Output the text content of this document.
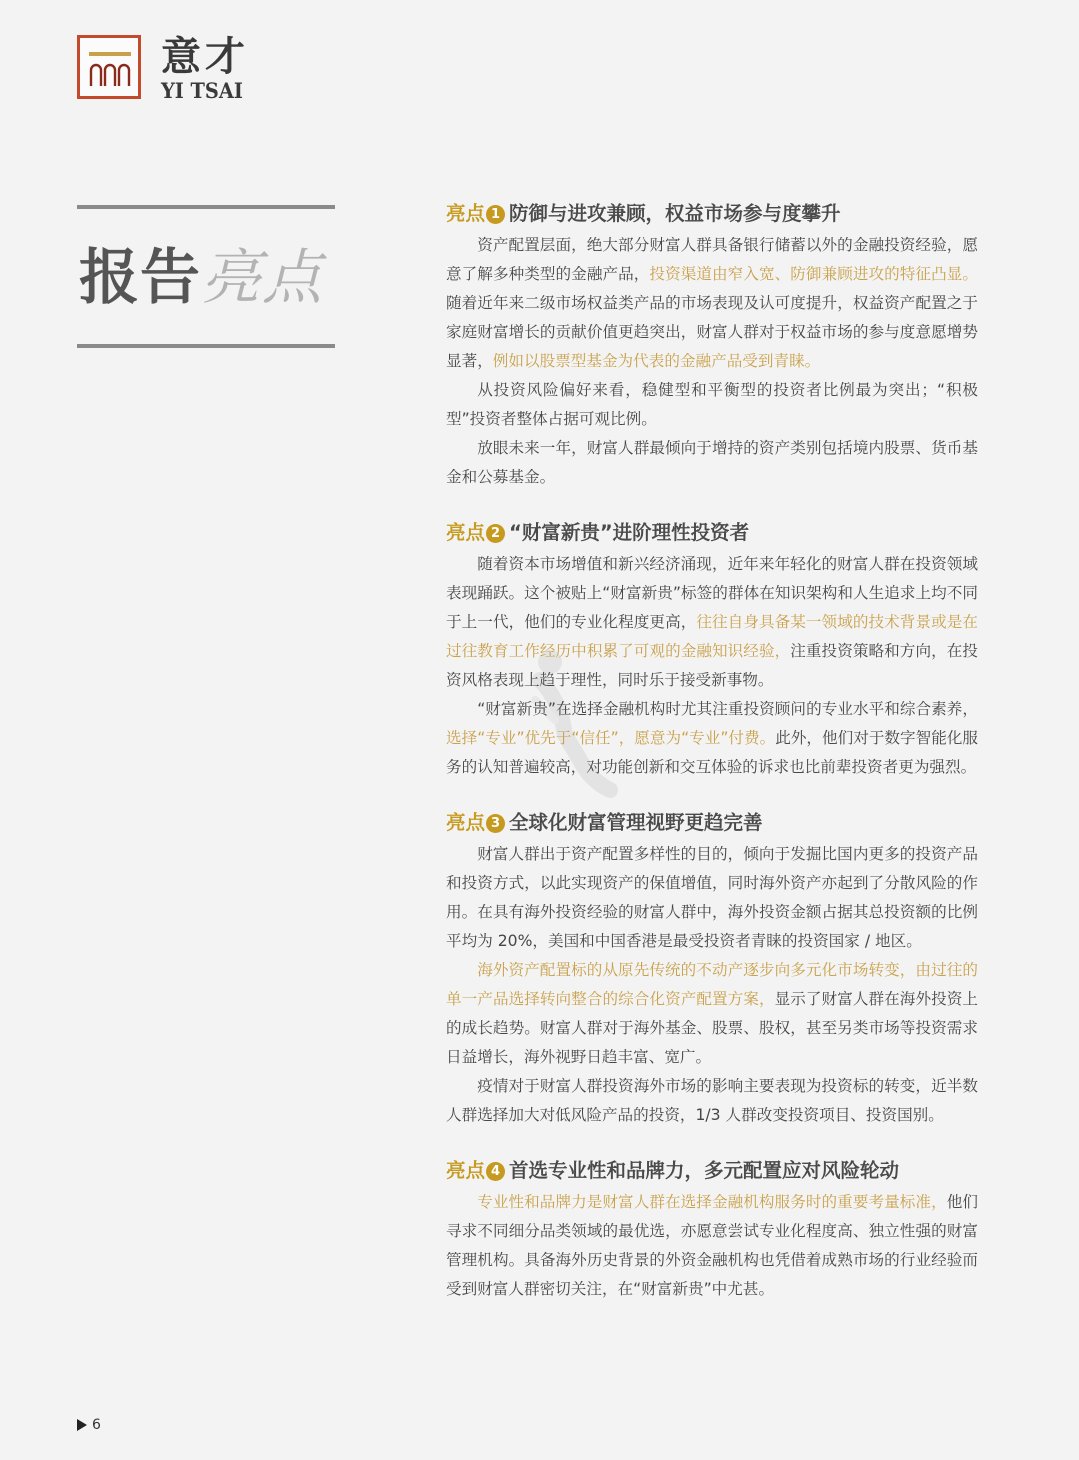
意才
YI TSAI
报告亮点
亮点 1 防御与进攻兼顾，权益市场参与度攀升

资产配置层面，绝大部分财富人群具备银行储蓄以外的金融投资经验，愿意了解多种类型的金融产品，投资渠道由窄入宽、防御兼顾进攻的特征凸显。随着近年来二级市场权益类产品的市场表现及认可度提升，权益资产配置之于家庭财富增长的贡献价值更趋突出，财富人群对于权益市场的参与度意愿增势显著，例如以股票型基金为代表的金融产品受到青睐。

从投资风险偏好来看，稳健型和平衡型的投资者比例最为突出；“积极型”投资者整体占据可观比例。

放眼未来一年，财富人群最倾向于增持的资产类别包括境内股票、货币基金和公募基金。

亮点 2 “财富新贵”进阶理性投资者

随着资本市场增值和新兴经济涌现，近年来年轻化的财富人群在投资领域表现踊跃。这个被贴上“财富新贵”标签的群体在知识架构和人生追求上均不同于上一代，他们的专业化程度更高，往往自身具备某一领域的技术背景或是在过往教育工作经历中积累了可观的金融知识经验，注重投资策略和方向，在投资风格表现上趋于理性，同时乐于接受新事物。

“财富新贵”在选择金融机构时尤其注重投资顾问的专业水平和综合素养，选择“专业”优先于“信任”，愿意为“专业”付费。此外，他们对于数字智能化服务的认知普遍较高，对功能创新和交互体验的诉求也比前辈投资者更为强烈。

亮点 3 全球化财富管理视野更趋完善

财富人群出于资产配置多样性的目的，倾向于发掘比国内更多的投资产品和投资方式，以此实现资产的保值增值，同时海外资产亦起到了分散风险的作用。在具有海外投资经验的财富人群中，海外投资金额占据其总投资额的比例平均为 20%，美国和中国香港是最受投资者青睐的投资国家 / 地区。

海外资产配置标的从原先传统的不动产逐步向多元化市场转变，由过往的单一产品选择转向整合的综合化资产配置方案，显示了财富人群在海外投资上的成长趋势。财富人群对于海外基金、股票、股权，甚至另类市场等投资需求日益增长，海外视野日趋丰富、宽广。

疫情对于财富人群投资海外市场的影响主要表现为投资标的转变，近半数人群选择加大对低风险产品的投资，1/3 人群改变投资项目、投资国别。

亮点 4 首选专业性和品牌力，多元配置应对风险轮动

专业性和品牌力是财富人群在选择金融机构服务时的重要考量标准，他们寻求不同细分品类领域的最优选，亦愿意尝试专业化程度高、独立性强的财富管理机构。具备海外历史背景的外资金融机构也凭借着成熟市场的行业经验而受到财富人群密切关注，在“财富新贵”中尤甚。

6
